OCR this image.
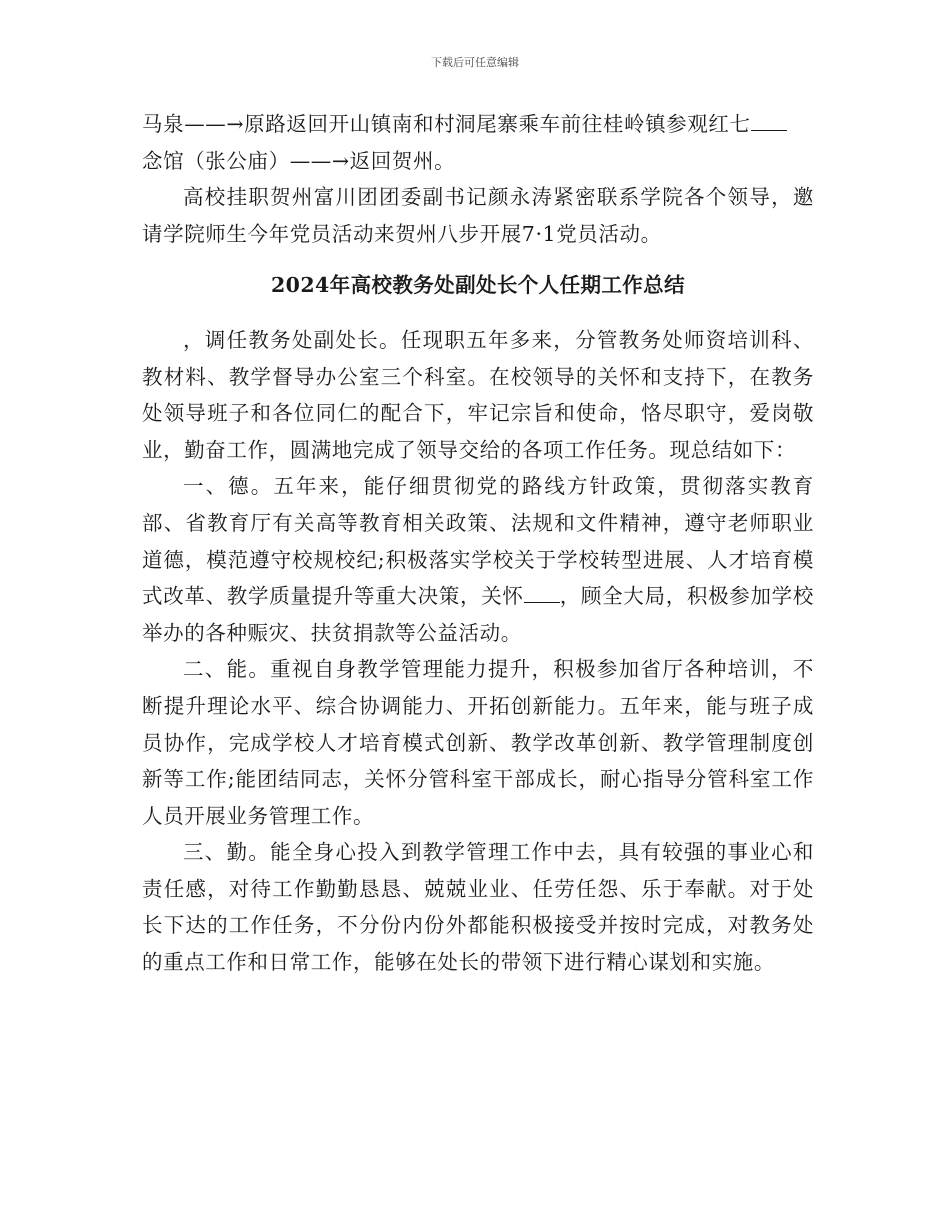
下载后可任意编辑

马泉——→原路返回开山镇南和村洞尾寨乘车前往桂岭镇参观红七
念馆（张公庙）——→返回贺州。

高校挂职贺州富川团团委副书记颜永涛紧密联系学院各个领导，邀请学院师生今年党员活动来贺州八步开展7·1党员活动。

2024年高校教务处副处长个人任期工作总结

，调任教务处副处长。任现职五年多来，分管教务处师资培训科、教材料、教学督导办公室三个科室。在校领导的关怀和支持下，在教务处领导班子和各位同仁的配合下，牢记宗旨和使命，恪尽职守，爱岗敬业，勤奋工作，圆满地完成了领导交给的各项工作任务。现总结如下：

一、德。五年来，能仔细贯彻党的路线方针政策，贯彻落实教育部、省教育厅有关高等教育相关政策、法规和文件精神，遵守老师职业道德，模范遵守校规校纪;积极落实学校关于学校转型进展、人才培育模式改革、教学质量提升等重大决策，关怀 ，顾全大局，积极参加学校举办的各种赈灾、扶贫捐款等公益活动。

二、能。重视自身教学管理能力提升，积极参加省厅各种培训，不断提升理论水平、综合协调能力、开拓创新能力。五年来，能与班子成员协作，完成学校人才培育模式创新、教学改革创新、教学管理制度创新等工作;能团结同志，关怀分管科室干部成长，耐心指导分管科室工作人员开展业务管理工作。

三、勤。能全身心投入到教学管理工作中去，具有较强的事业心和责任感，对待工作勤勤恳恳、兢兢业业、任劳任怨、乐于奉献。对于处长下达的工作任务，不分份内份外都能积极接受并按时完成，对教务处的重点工作和日常工作，能够在处长的带领下进行精心谋划和实施。
